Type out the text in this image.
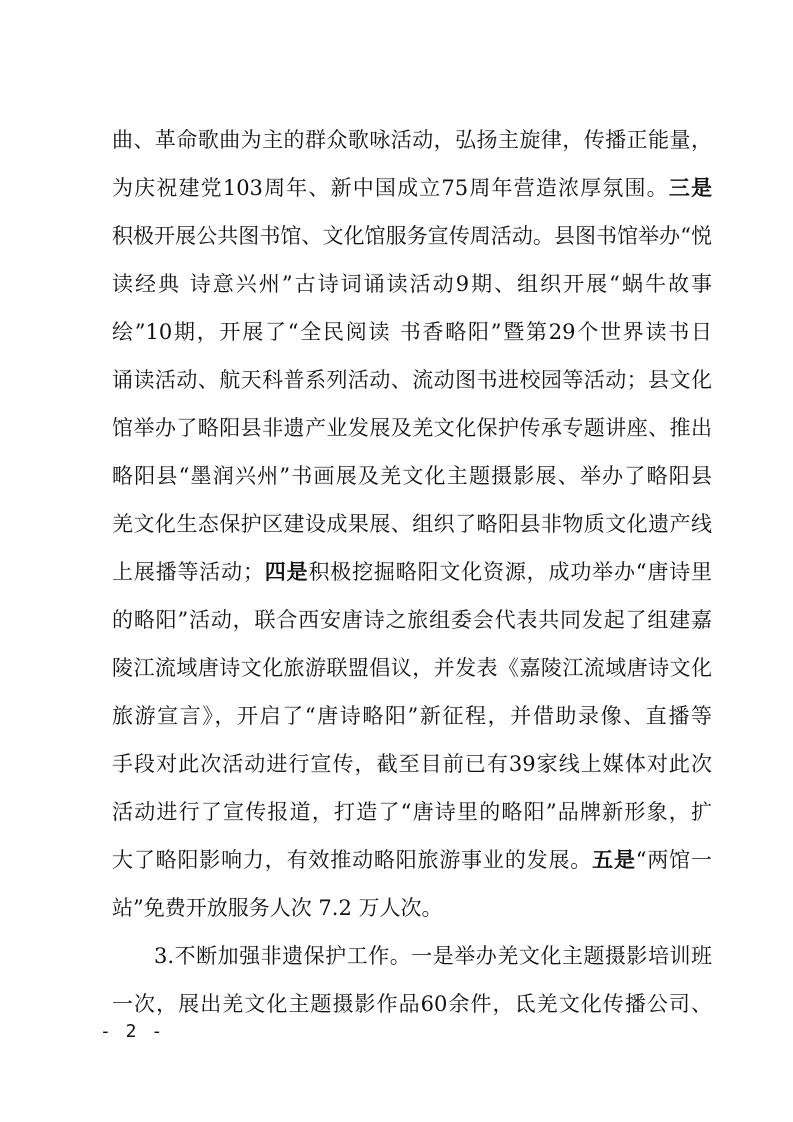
曲、革命歌曲为主的群众歌咏活动，弘扬主旋律，传播正能量，
为庆祝建党103周年、新中国成立75周年营造浓厚氛围。三是
积极开展公共图书馆、文化馆服务宣传周活动。县图书馆举办“悦
读经典 诗意兴州”古诗词诵读活动9期、组织开展“蜗牛故事
绘”10期，开展了“全民阅读 书香略阳”暨第29个世界读书日
诵读活动、航天科普系列活动、流动图书进校园等活动；县文化
馆举办了略阳县非遗产业发展及羌文化保护传承专题讲座、推出
略阳县“墨润兴州”书画展及羌文化主题摄影展、举办了略阳县
羌文化生态保护区建设成果展、组织了略阳县非物质文化遗产线
上展播等活动；四是积极挖掘略阳文化资源，成功举办“唐诗里
的略阳”活动，联合西安唐诗之旅组委会代表共同发起了组建嘉
陵江流域唐诗文化旅游联盟倡议，并发表《嘉陵江流域唐诗文化
旅游宣言》，开启了“唐诗略阳”新征程，并借助录像、直播等
手段对此次活动进行宣传，截至目前已有39家线上媒体对此次
活动进行了宣传报道，打造了“唐诗里的略阳”品牌新形象，扩
大了略阳影响力，有效推动略阳旅游事业的发展。五是“两馆一
站”免费开放服务人次 7.2 万人次。
3.不断加强非遗保护工作。一是举办羌文化主题摄影培训班
一次，展出羌文化主题摄影作品60余件，氐羌文化传播公司、
- 2 -
